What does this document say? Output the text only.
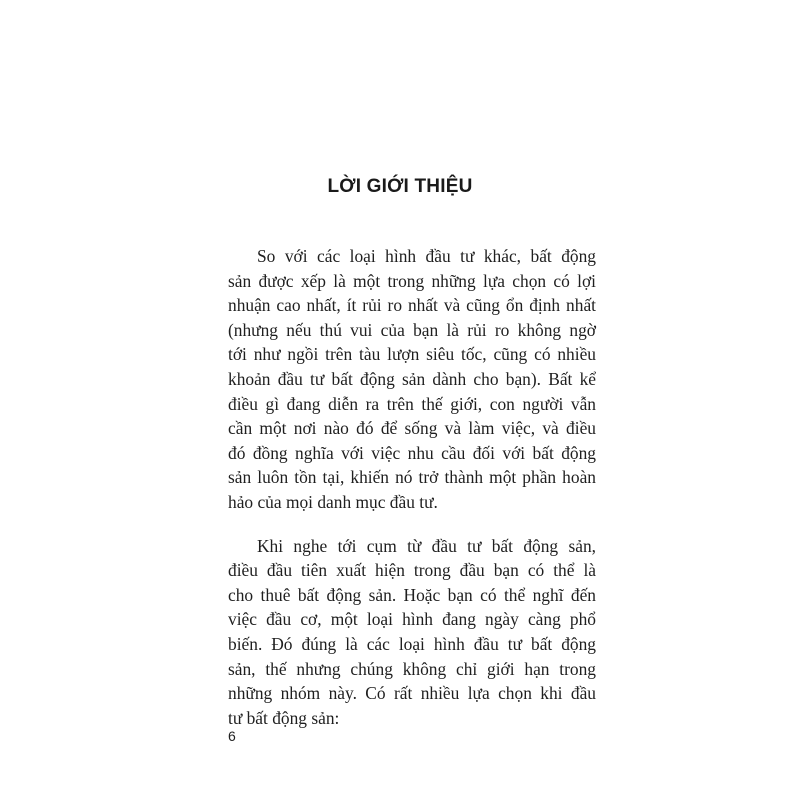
LỜI GIỚI THIỆU
So với các loại hình đầu tư khác, bất động
sản được xếp là một trong những lựa chọn có lợi
nhuận cao nhất, ít rủi ro nhất và cũng ổn định nhất
(nhưng nếu thú vui của bạn là rủi ro không ngờ
tới như ngồi trên tàu lượn siêu tốc, cũng có nhiều
khoản đầu tư bất động sản dành cho bạn). Bất kể
điều gì đang diễn ra trên thế giới, con người vẫn
cần một nơi nào đó để sống và làm việc, và điều
đó đồng nghĩa với việc nhu cầu đối với bất động
sản luôn tồn tại, khiến nó trở thành một phần hoàn
hảo của mọi danh mục đầu tư.
Khi nghe tới cụm từ đầu tư bất động sản,
điều đầu tiên xuất hiện trong đầu bạn có thể là
cho thuê bất động sản. Hoặc bạn có thể nghĩ đến
việc đầu cơ, một loại hình đang ngày càng phổ
biến. Đó đúng là các loại hình đầu tư bất động
sản, thế nhưng chúng không chỉ giới hạn trong
những nhóm này. Có rất nhiều lựa chọn khi đầu
tư bất động sản:
6
